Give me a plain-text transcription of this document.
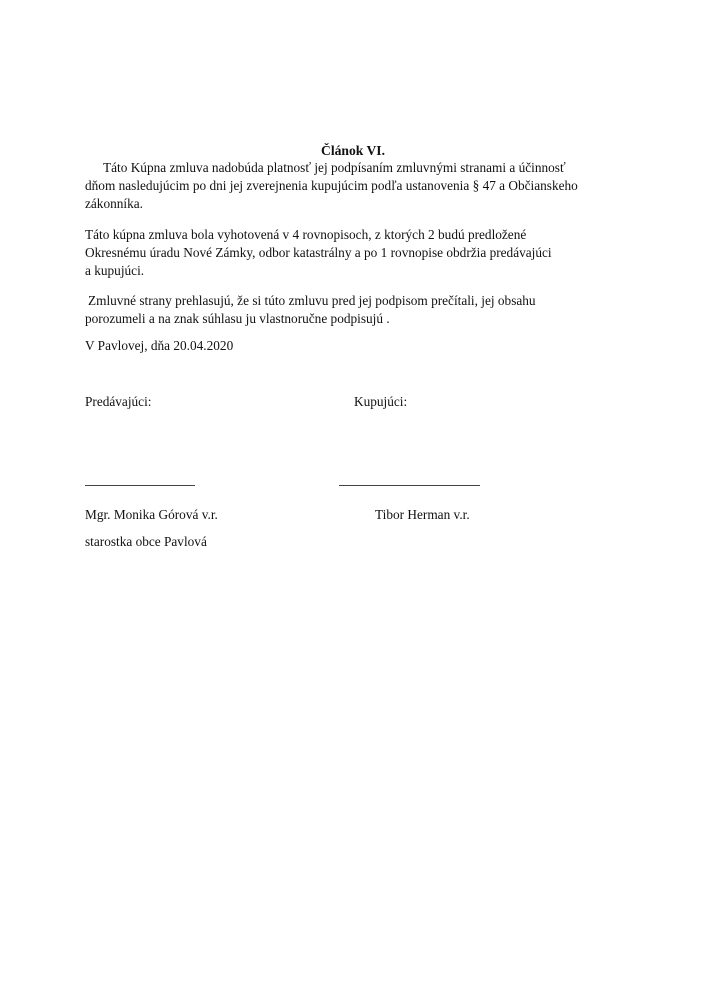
Článok VI.
Táto Kúpna zmluva nadobúda platnosť jej podpísaním zmluvnými stranami a účinnosť
dňom nasledujúcim po dni jej zverejnenia kupujúcim podľa ustanovenia § 47 a Občianskeho
zákonníka.
Táto kúpna zmluva bola vyhotovená v 4 rovnopisoch, z ktorých 2 budú predložené
Okresnému úradu Nové Zámky, odbor katastrálny a po 1 rovnopise obdržia predávajúci
a kupujúci.
Zmluvné strany prehlasujú, že si túto zmluvu pred jej podpisom prečítali, jej obsahu
porozumeli a na znak súhlasu ju vlastnoručne podpisujú .
V Pavlovej, dňa 20.04.2020
Predávajúci:	Kupujúci:
Mgr. Monika Górová v.r.	Tibor Herman v.r.
starostka obce Pavlová
